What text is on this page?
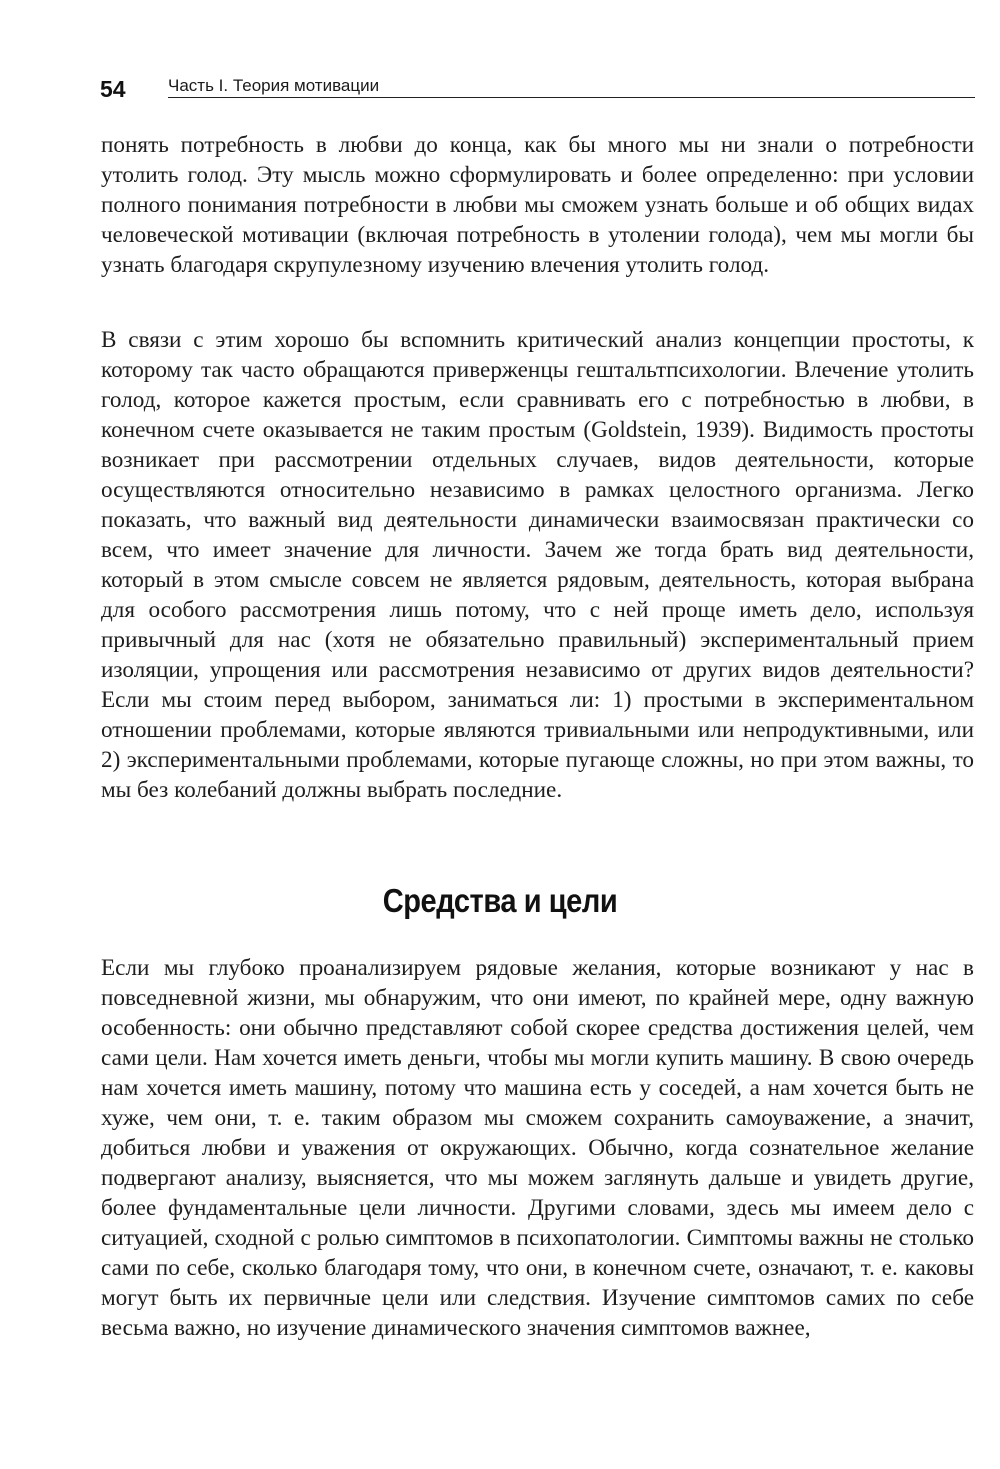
54 Часть I. Теория мотивации

понять потребность в любви до конца, как бы много мы ни знали о потребности утолить голод. Эту мысль можно сформулировать и более определенно: при условии полного понимания потребности в любви мы сможем узнать больше и об общих видах человеческой мотивации (включая потребность в утолении голода), чем мы могли бы узнать благодаря скрупулезному изучению влечения утолить голод.

В связи с этим хорошо бы вспомнить критический анализ концепции простоты, к которому так часто обращаются приверженцы гештальтпсихологии. Влечение утолить голод, которое кажется простым, если сравнивать его с потребностью в любви, в конечном счете оказывается не таким простым (Goldstein, 1939). Видимость простоты возникает при рассмотрении отдельных случаев, видов деятельности, которые осуществляются относительно независимо в рамках целостного организма. Легко показать, что важный вид деятельности динамически взаимосвязан практически со всем, что имеет значение для личности. Зачем же тогда брать вид деятельности, который в этом смысле совсем не является рядовым, деятельность, которая выбрана для особого рассмотрения лишь потому, что с ней проще иметь дело, используя привычный для нас (хотя не обязательно правильный) экспериментальный прием изоляции, упрощения или рассмотрения независимо от других видов деятельности? Если мы стоим перед выбором, заниматься ли: 1) простыми в экспериментальном отношении проблемами, которые являются тривиальными или непродуктивными, или 2) экспериментальными проблемами, которые пугающе сложны, но при этом важны, то мы без колебаний должны выбрать последние.

Средства и цели

Если мы глубоко проанализируем рядовые желания, которые возникают у нас в повседневной жизни, мы обнаружим, что они имеют, по крайней мере, одну важную особенность: они обычно представляют собой скорее средства достижения целей, чем сами цели. Нам хочется иметь деньги, чтобы мы могли купить машину. В свою очередь нам хочется иметь машину, потому что машина есть у соседей, а нам хочется быть не хуже, чем они, т. е. таким образом мы сможем сохранить самоуважение, а значит, добиться любви и уважения от окружающих. Обычно, когда сознательное желание подвергают анализу, выясняется, что мы можем заглянуть дальше и увидеть другие, более фундаментальные цели личности. Другими словами, здесь мы имеем дело с ситуацией, сходной с ролью симптомов в психопатологии. Симптомы важны не столько сами по себе, сколько благодаря тому, что они, в конечном счете, означают, т. е. каковы могут быть их первичные цели или следствия. Изучение симптомов самих по себе весьма важно, но изучение динамического значения симптомов важнее,
